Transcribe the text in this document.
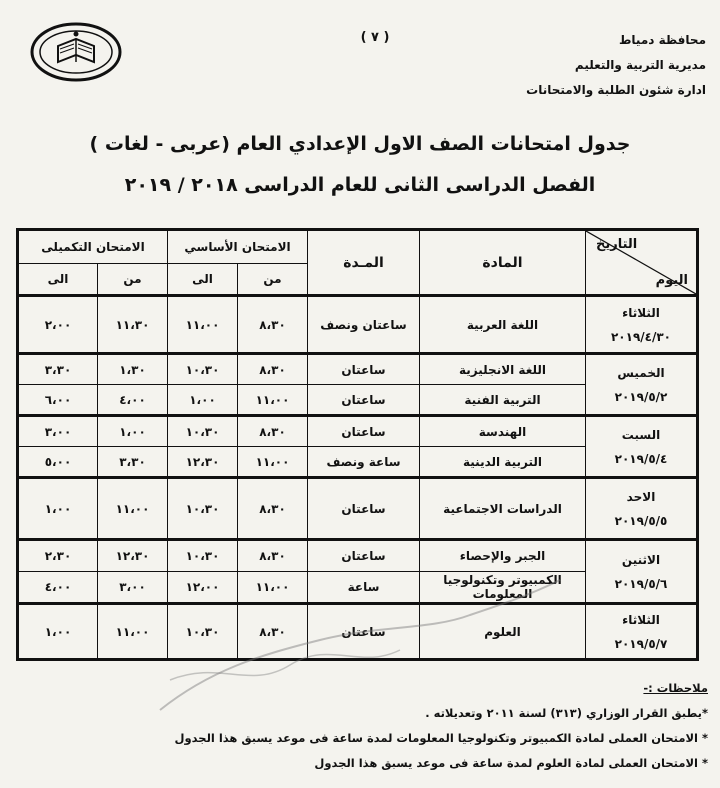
( ٧ )	محافظة دمياط
مديرية التربية والتعليم
ادارة شئون الطلبة والامتحانات
جدول امتحانات الصف الاول الإعدادي العام (عربى - لغات )
الفصل الدراسى الثانى للعام الدراسى ٢٠١٨ / ٢٠١٩
التاريخ
اليوم	المادة	المـدة	الامتحان الأساسي		الامتحان التكميلى	
			من	الى	من	الى

الثلاثاء
٢٠١٩/٤/٣٠	اللغة العربية	ساعتان ونصف	٨،٣٠	١١،٠٠	١١،٣٠	٢،٠٠

الخميس
٢٠١٩/٥/٢	اللغة الانجليزية	ساعتان	٨،٣٠	١٠،٣٠	١،٣٠	٣،٣٠
	التربية الفنية	ساعتان	١١،٠٠	١،٠٠	٤،٠٠	٦،٠٠

السبت
٢٠١٩/٥/٤	الهندسة	ساعتان	٨،٣٠	١٠،٣٠	١،٠٠	٣،٠٠
	التربية الدينية	ساعة ونصف	١١،٠٠	١٢،٣٠	٣،٣٠	٥،٠٠

الاحد
٢٠١٩/٥/٥	الدراسات الاجتماعية	ساعتان	٨،٣٠	١٠،٣٠	١١،٠٠	١،٠٠

الاثنين
٢٠١٩/٥/٦	الجبر والإحصاء	ساعتان	٨،٣٠	١٠،٣٠	١٢،٣٠	٢،٣٠
	الكمبيوتر وتكنولوجيا المعلومات	ساعة	١١،٠٠	١٢،٠٠	٣،٠٠	٤،٠٠

الثلاثاء
٢٠١٩/٥/٧	العلوم	ساعتان	٨،٣٠	١٠،٣٠	١١،٠٠	١،٠٠
ملاحظات :-
*يطبق القرار الوزاري (٣١٣) لسنة ٢٠١١ وتعديلاته .
* الامتحان العملى لمادة الكمبيوتر وتكنولوجيا المعلومات لمدة ساعة فى موعد يسبق هذا الجدول
* الامتحان العملى لمادة العلوم لمدة ساعة فى موعد يسبق هذا الجدول
